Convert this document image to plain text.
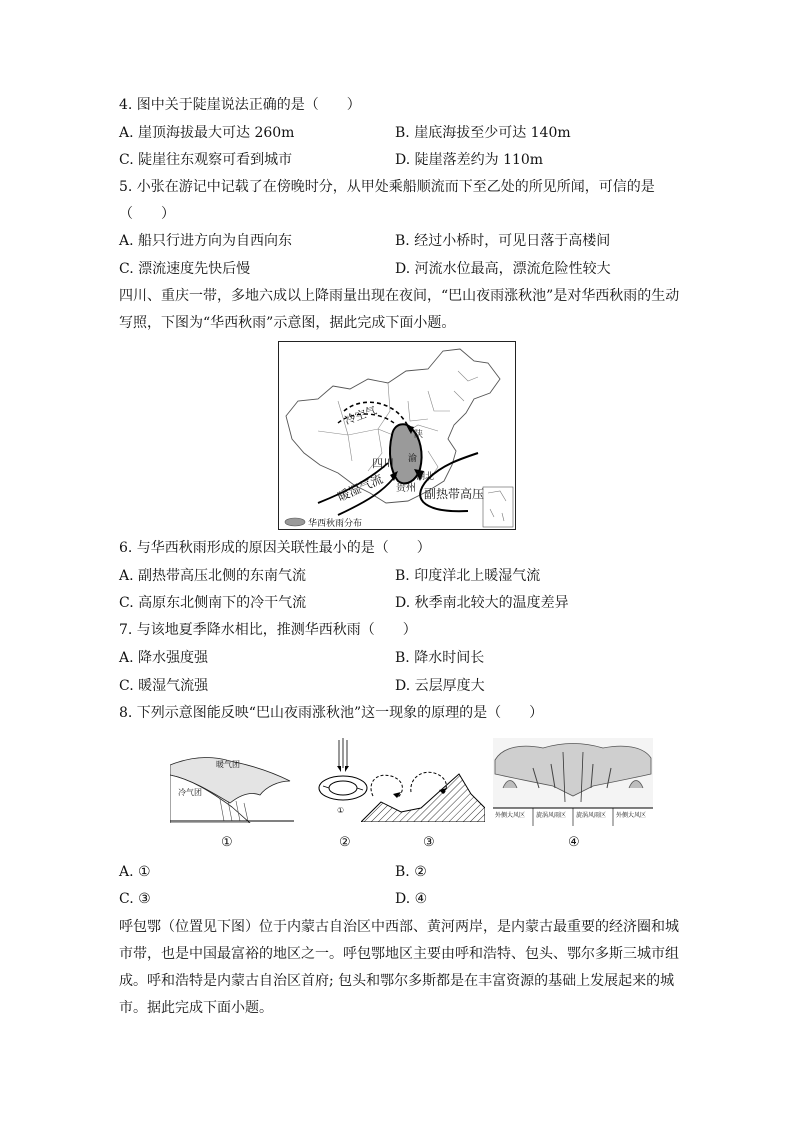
4. 图中关于陡崖说法正确的是（　　）
A. 崖顶海拔最大可达 260m	B. 崖底海拔至少可达 140m
C. 陡崖往东观察可看到城市	D. 陡崖落差约为 110m
5. 小张在游记中记载了在傍晚时分，从甲处乘船顺流而下至乙处的所见所闻，可信的是
（　　）
A. 船只行进方向为自西向东	B. 经过小桥时，可见日落于高楼间
C. 漂流速度先快后慢	D. 河流水位最高，漂流危险性较大
四川、重庆一带，多地六成以上降雨量出现在夜间，“巴山夜雨涨秋池”是对华西秋雨的生动
写照，下图为“华西秋雨”示意图，据此完成下面小题。
冷空气
四川
陕
渝
湖北
贵州
暖湿气流	副热带高压
华西秋雨分布
6. 与华西秋雨形成的原因关联性最小的是（　　）
A. 副热带高压北侧的东南气流	B. 印度洋北上暖湿气流
C. 高原东北侧南下的冷干气流	D. 秋季南北较大的温度差异
7. 与该地夏季降水相比，推测华西秋雨（　　）
A. 降水强度强	B. 降水时间长
C. 暖湿气流强	D. 云层厚度大
8. 下列示意图能反映“巴山夜雨涨秋池”这一现象的原理的是（　　）
暖气团
冷气团
①
外侧大风区 旋涡风雨区 旋涡风雨区 外侧大风区
①	②	③	④
A. ①	B. ②
C. ③	D. ④
呼包鄂（位置见下图）位于内蒙古自治区中西部、黄河两岸，是内蒙古最重要的经济圈和城
市带，也是中国最富裕的地区之一。呼包鄂地区主要由呼和浩特、包头、鄂尔多斯三城市组
成。呼和浩特是内蒙古自治区首府; 包头和鄂尔多斯都是在丰富资源的基础上发展起来的城
市。据此完成下面小题。
